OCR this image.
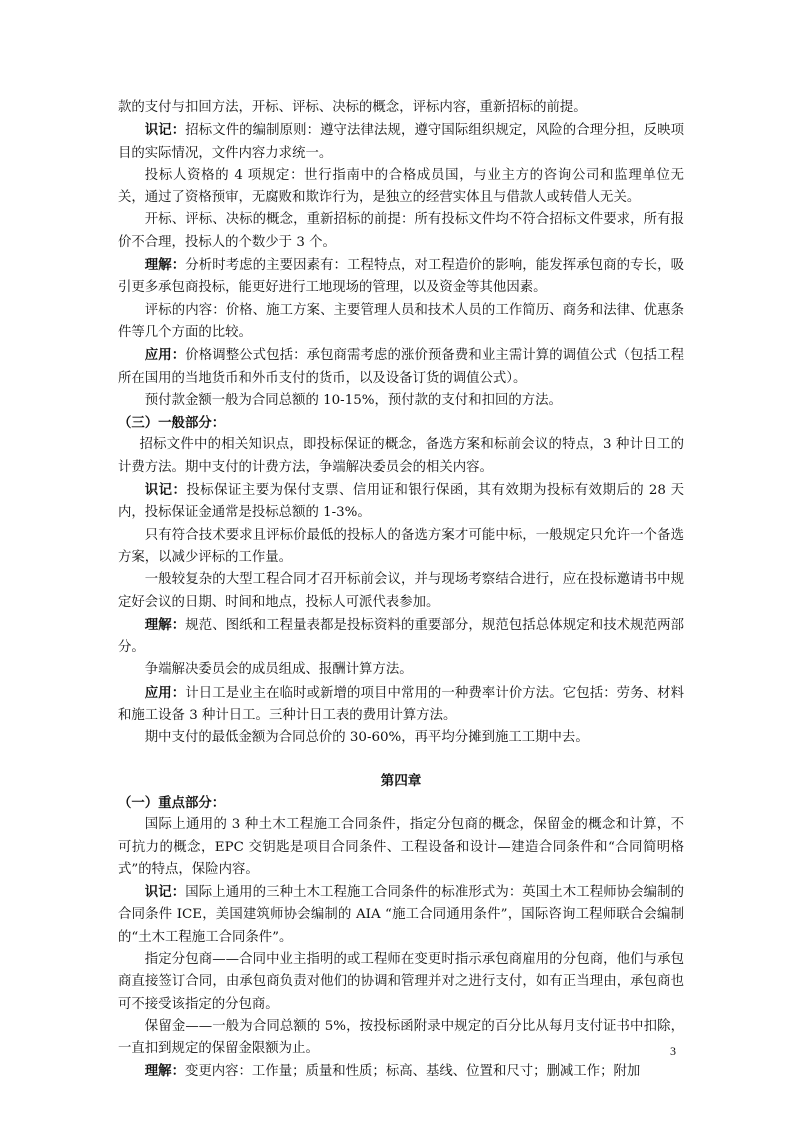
款的支付与扣回方法，开标、评标、决标的概念，评标内容，重新招标的前提。

识记：招标文件的编制原则：遵守法律法规，遵守国际组织规定，风险的合理分担，反映项目的实际情况，文件内容力求统一。

投标人资格的 4 项规定：世行指南中的合格成员国，与业主方的咨询公司和监理单位无关，通过了资格预审，无腐败和欺诈行为，是独立的经营实体且与借款人或转借人无关。

开标、评标、决标的概念，重新招标的前提：所有投标文件均不符合招标文件要求，所有报价不合理，投标人的个数少于 3 个。

理解：分析时考虑的主要因素有：工程特点，对工程造价的影响，能发挥承包商的专长，吸引更多承包商投标，能更好进行工地现场的管理，以及资金等其他因素。

评标的内容：价格、施工方案、主要管理人员和技术人员的工作简历、商务和法律、优惠条件等几个方面的比较。

应用：价格调整公式包括：承包商需考虑的涨价预备费和业主需计算的调值公式（包括工程所在国用的当地货币和外币支付的货币，以及设备订货的调值公式）。

预付款金额一般为合同总额的 10-15%，预付款的支付和扣回的方法。

（三）一般部分：

招标文件中的相关知识点，即投标保证的概念，备选方案和标前会议的特点，3 种计日工的计费方法。期中支付的计费方法，争端解决委员会的相关内容。

识记：投标保证主要为保付支票、信用证和银行保函，其有效期为投标有效期后的 28 天内，投标保证金通常是投标总额的 1-3%。

只有符合技术要求且评标价最低的投标人的备选方案才可能中标，一般规定只允许一个备选方案，以减少评标的工作量。

一般较复杂的大型工程合同才召开标前会议，并与现场考察结合进行，应在投标邀请书中规定好会议的日期、时间和地点，投标人可派代表参加。

理解：规范、图纸和工程量表都是投标资料的重要部分，规范包括总体规定和技术规范两部分。

争端解决委员会的成员组成、报酬计算方法。

应用：计日工是业主在临时或新增的项目中常用的一种费率计价方法。它包括：劳务、材料和施工设备 3 种计日工。三种计日工表的费用计算方法。

期中支付的最低金额为合同总价的 30-60%，再平均分摊到施工工期中去。

第四章

（一）重点部分：

国际上通用的 3 种土木工程施工合同条件，指定分包商的概念，保留金的概念和计算，不可抗力的概念，EPC 交钥匙是项目合同条件、工程设备和设计—建造合同条件和“合同简明格式”的特点，保险内容。

识记：国际上通用的三种土木工程施工合同条件的标准形式为：英国土木工程师协会编制的合同条件 ICE，美国建筑师协会编制的 AIA “施工合同通用条件”，国际咨询工程师联合会编制的“土木工程施工合同条件”。

指定分包商——合同中业主指明的或工程师在变更时指示承包商雇用的分包商，他们与承包商直接签订合同，由承包商负责对他们的协调和管理并对之进行支付，如有正当理由，承包商也可不接受该指定的分包商。

保留金——一般为合同总额的 5%，按投标函附录中规定的百分比从每月支付证书中扣除，一直扣到规定的保留金限额为止。

理解：变更内容：工作量；质量和性质；标高、基线、位置和尺寸；删减工作；附加

3
